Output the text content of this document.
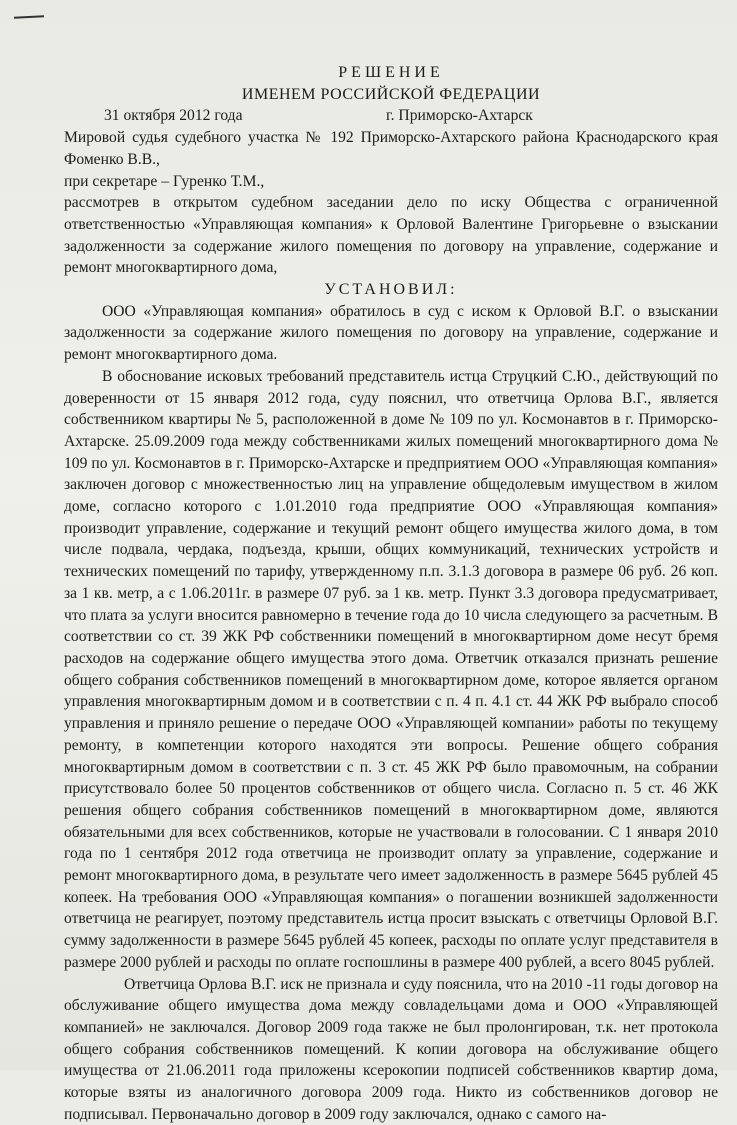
РЕШЕНИЕ
ИМЕНЕМ РОССИЙСКОЙ ФЕДЕРАЦИИ
31 октября 2012 года	г. Приморско-Ахтарск

Мировой судья судебного участка № 192 Приморско-Ахтарского района Краснодарского края Фоменко В.В.,

при секретаре – Гуренко Т.М.,

рассмотрев в открытом судебном заседании дело по иску Общества с ограниченной ответственностью «Управляющая компания» к Орловой Валентине Григорьевне о взыскании задолженности за содержание жилого помещения по договору на управление, содержание и ремонт многоквартирного дома,

УСТАНОВИЛ:

ООО «Управляющая компания» обратилось в суд с иском к Орловой В.Г. о взыскании задолженности за содержание жилого помещения по договору на управление, содержание и ремонт многоквартирного дома.

В обоснование исковых требований представитель истца Струцкий С.Ю., действующий по доверенности от 15 января 2012 года, суду пояснил, что ответчица Орлова В.Г., является собственником квартиры № 5, расположенной в доме № 109 по ул. Космонавтов в г. Приморско-Ахтарске. 25.09.2009 года между собственниками жилых помещений многоквартирного дома № 109 по ул. Космонавтов в г. Приморско-Ахтарске и предприятием ООО «Управляющая компания» заключен договор с множественностью лиц на управление общедолевым имуществом в жилом доме, согласно которого с 1.01.2010 года предприятие ООО «Управляющая компания» производит управление, содержание и текущий ремонт общего имущества жилого дома, в том числе подвала, чердака, подъезда, крыши, общих коммуникаций, технических устройств и технических помещений по тарифу, утвержденному п.п. 3.1.3 договора в размере 06 руб. 26 коп. за 1 кв. метр, а с 1.06.2011г. в размере 07 руб. за 1 кв. метр. Пункт 3.3 договора предусматривает, что плата за услуги вносится равномерно в течение года до 10 числа следующего за расчетным. В соответствии со ст. 39 ЖК РФ собственники помещений в многоквартирном доме несут бремя расходов на содержание общего имущества этого дома. Ответчик отказался признать решение общего собрания собственников помещений в многоквартирном доме, которое является органом управления многоквартирным домом и в соответствии с п. 4 п. 4.1 ст. 44 ЖК РФ выбрало способ управления и приняло решение о передаче ООО «Управляющей компании» работы по текущему ремонту, в компетенции которого находятся эти вопросы. Решение общего собрания многоквартирным домом в соответствии с п. 3 ст. 45 ЖК РФ было правомочным, на собрании присутствовало более 50 процентов собственников от общего числа. Согласно п. 5 ст. 46 ЖК решения общего собрания собственников помещений в многоквартирном доме, являются обязательными для всех собственников, которые не участвовали в голосовании. С 1 января 2010 года по 1 сентября 2012 года ответчица не производит оплату за управление, содержание и ремонт многоквартирного дома, в результате чего имеет задолженность в размере 5645 рублей 45 копеек. На требования ООО «Управляющая компания» о погашении возникшей задолженности ответчица не реагирует, поэтому представитель истца просит взыскать с ответчицы Орловой В.Г. сумму задолженности в размере 5645 рублей 45 копеек, расходы по оплате услуг представителя в размере 2000 рублей и расходы по оплате госпошлины в размере 400 рублей, а всего 8045 рублей.

Ответчица Орлова В.Г. иск не признала и суду пояснила, что на 2010 -11 годы договор на обслуживание общего имущества дома между совладельцами дома и ООО «Управляющей компанией» не заключался. Договор 2009 года также не был пролонгирован, т.к. нет протокола общего собрания собственников помещений. К копии договора на обслуживание общего имущества от 21.06.2011 года приложены ксерокопии подписей собственников квартир дома, которые взяты из аналогичного договора 2009 года. Никто из собственников договор не подписывал. Первоначально договор в 2009 году заключался, однако с самого на-
